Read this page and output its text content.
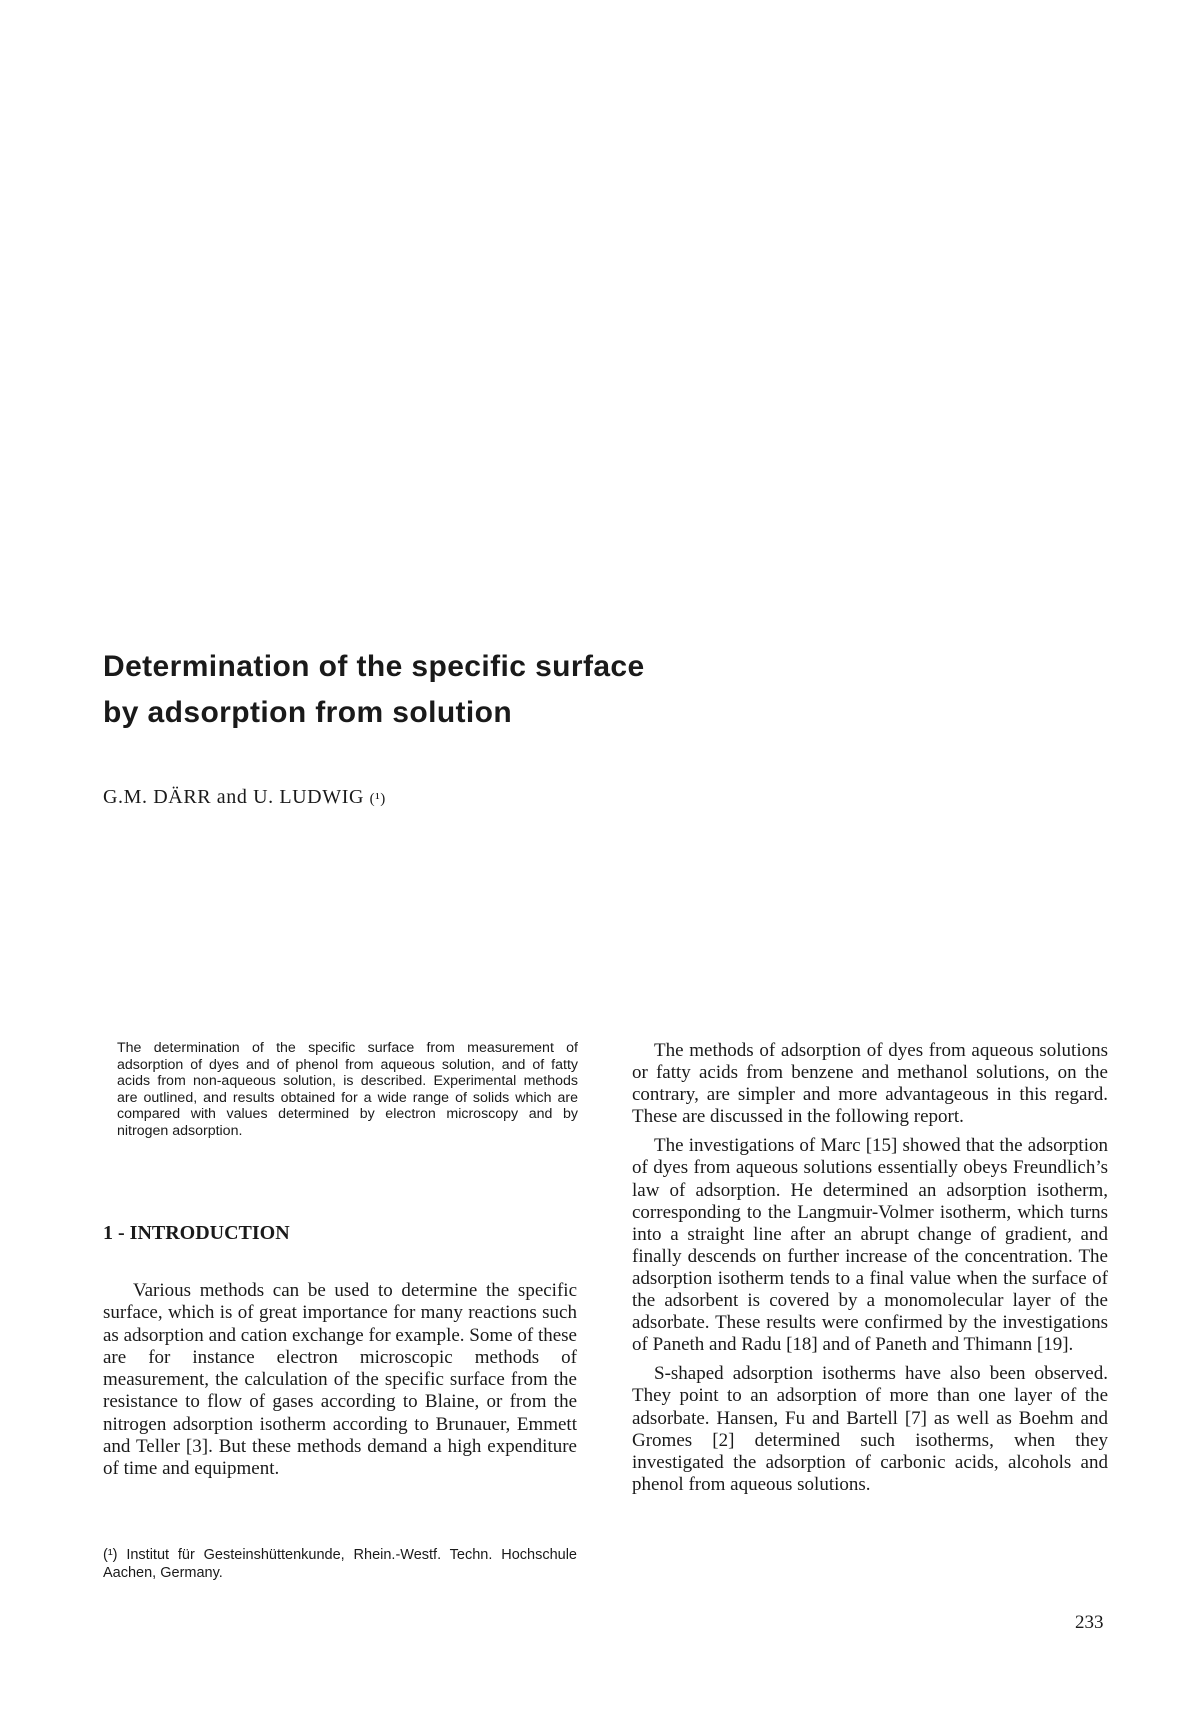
Determination of the specific surface
by adsorption from solution
G.M. DÄRR and U. LUDWIG (¹)

The determination of the specific surface from measurement of adsorption of dyes and of phenol from aqueous solution, and of fatty acids from non-aqueous solution, is described. Experimental methods are outlined, and results obtained for a wide range of solids which are compared with values determined by electron microscopy and by nitrogen adsorption.

1 - INTRODUCTION

Various methods can be used to determine the specific surface, which is of great importance for many reactions such as adsorption and cation exchange for example. Some of these are for instance electron microscopic methods of measurement, the calculation of the specific surface from the resistance to flow of gases according to Blaine, or from the nitrogen adsorption isotherm according to Brunauer, Emmett and Teller [3]. But these methods demand a high expenditure of time and equipment.

(¹) Institut für Gesteinshüttenkunde, Rhein.-Westf. Techn. Hochschule Aachen, Germany.

The methods of adsorption of dyes from aqueous solutions or fatty acids from benzene and methanol solutions, on the contrary, are simpler and more advantageous in this regard. These are discussed in the following report.

The investigations of Marc [15] showed that the adsorption of dyes from aqueous solutions essentially obeys Freundlich’s law of adsorption. He determined an adsorption isotherm, corresponding to the Langmuir-Volmer isotherm, which turns into a straight line after an abrupt change of gradient, and finally descends on further increase of the concentration. The adsorption isotherm tends to a final value when the surface of the adsorbent is covered by a monomolecular layer of the adsorbate. These results were confirmed by the investigations of Paneth and Radu [18] and of Paneth and Thimann [19].

S-shaped adsorption isotherms have also been observed. They point to an adsorption of more than one layer of the adsorbate. Hansen, Fu and Bartell [7] as well as Boehm and Gromes [2] determined such isotherms, when they investigated the adsorption of carbonic acids, alcohols and phenol from aqueous solutions.

233
